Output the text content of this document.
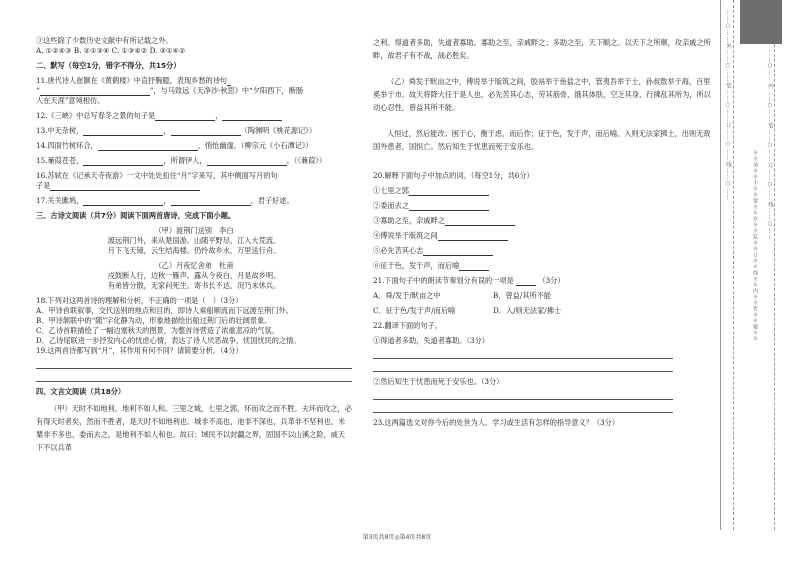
③这些除了少数历史文献中有所记载之外。
A. ①②④③ B. ②①③④ C. ①③④② D. ③①④②
二、默写（每空1分，错字不得分，共15分）
11.唐代诗人崔颢在《黄鹤楼》中直抒胸臆，表现乡愁的诗句
“	”，与马致远《天净沙·秋思》中“夕阳西下，断肠
人在天涯”意境相仿。
12.《三峡》中总写春冬之景的句子是	，
13.中无杂树，	，	（陶渊明《桃花源记》）
14.四面竹树环合，	，悄怆幽邃。（柳宗元《小石潭记》）
15.蒹葭苍苍，	，所谓伊人，	。（《蒹葭》）
16.苏轼在《记承天寺夜游》一文中处处扣住“月”字来写，其中侧面写月的句
子是
17.关关雎鸠，	，	，君子好逑。
三、古诗文阅读（共7分）阅读下面两首唐诗，完成下面小题。
（甲）渡荆门送别　李白
渡远荆门外，来从楚国游。山随平野尽，江入大荒流。
月下飞天镜，云生结海楼。仍怜故乡水，万里送行舟。
（乙）月夜忆舍弟　杜甫
戍鼓断人行，边秋一雁声。露从今夜白，月是故乡明。
有弟皆分散，无家问死生。寄书长不达，况乃未休兵。
18.下列对这两首诗的理解和分析，不正确的一项是（　）（3分）
A．甲诗首联叙事，交代送别的地点和目的，即诗人乘船顺流而下远渡至荆门外。
B．甲诗颔联中的“随”字化静为动，形象地描绘出船过荆门后的壮阔景象。
C．乙诗首联描绘了一幅边塞秋天的图景，为整首诗营造了浓重悲凉的气氛。
D．乙诗尾联进一步抒发内心的忧虑心情，表达了诗人厌恶战争、忧国忧民的之情。
19.这两首诗都写到“月”，其作用有何不同？请简要分析。（4分）
四、文言文阅读（共18分）
（甲）天时不如地利，地利不如人和。三里之城，七里之郭，环而攻之而不胜。夫环而攻之，必有得天时者矣，然而不胜者，是天时不如地利也。城非不高也，池非不深也，兵革非不坚利也，米粟非不多也，委而去之，是地利不如人和也。故曰：域民不以封疆之界，固国不以山溪之险，威天下不以兵革
之利。得道者多助，失道者寡助。寡助之至，亲戚畔之；多助之至，天下顺之。以天下之所顺，攻亲戚之所畔，故君子有不战，战必胜矣。
（乙）舜发于畎亩之中，傅说举于版筑之间，胶鬲举于鱼盐之中，管夷吾举于士，孙叔敖举于海，百里奚举于市。故天将降大任于是人也，必先苦其心志，劳其筋骨，饿其体肤，空乏其身，行拂乱其所为，所以动心忍性，曾益其所不能。
人恒过，然后能改；困于心，衡于虑，而后作；征于色，发于声，而后喻。入则无法家拂士，出则无敌国外患者，国恒亡。然后知生于忧患而死于安乐也。
20.解释下面句子中加点的词。（每空1分，共6分）
①七里之郭
②委而去之
③寡助之至，亲戚畔之
④傅说举于版筑之间
⑤必先苦其心志
⑥征于色，发于声，而后喻
21.下面句子中的朗读节奏划分有误的一项是	（3分）
A．舜/发于/畎亩之中	B．曾益/其所不能
C．征于色/发于声/而后喻	D．入/则无法家/拂士
22.翻译下面的句子。
①得道者多助，失道者寡助。（3分）
②然后知生于忧患而死于安乐也。（3分）
23.这两篇选文对你今后的处世为人、学习或生活有怎样的指导意义？（3分）
……○……外……○……装……○……订……○……线……○……
※※请※※不※※要※※在※※装※※订※※线※※内※※答※※题※※
……○……内……○……装……○……订……○……线……○……
第3页共8页◎第4页共8页
